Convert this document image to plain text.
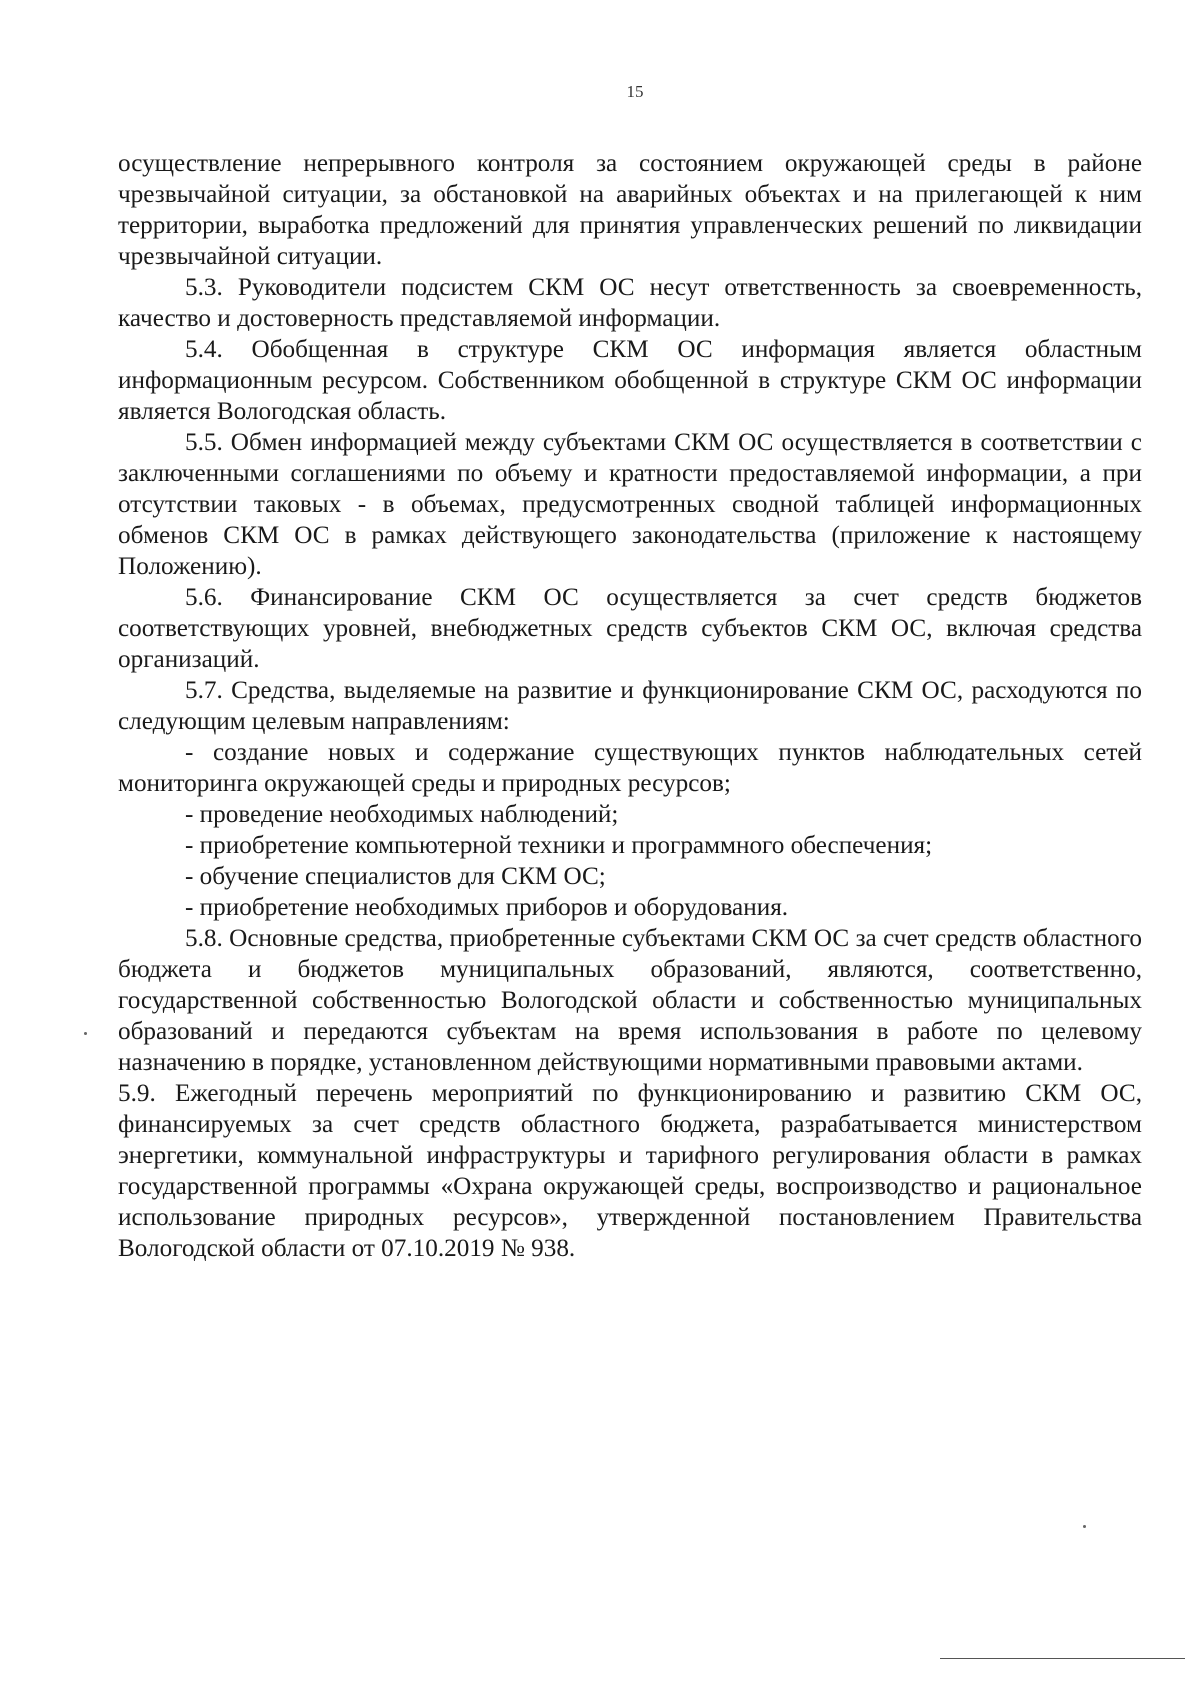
15

осуществление непрерывного контроля за состоянием окружающей среды в районе чрезвычайной ситуации, за обстановкой на аварийных объектах и на прилегающей к ним территории, выработка предложений для принятия управленческих решений по ликвидации чрезвычайной ситуации.

5.3. Руководители подсистем СКМ ОС несут ответственность за своевременность, качество и достоверность представляемой информации.

5.4. Обобщенная в структуре СКМ ОС информация является областным информационным ресурсом. Собственником обобщенной в структуре СКМ ОС информации является Вологодская область.

5.5. Обмен информацией между субъектами СКМ ОС осуществляется в соответствии с заключенными соглашениями по объему и кратности предоставляемой информации, а при отсутствии таковых - в объемах, предусмотренных сводной таблицей информационных обменов СКМ ОС в рамках действующего законодательства (приложение к настоящему Положению).

5.6. Финансирование СКМ ОС осуществляется за счет средств бюджетов соответствующих уровней, внебюджетных средств субъектов СКМ ОС, включая средства организаций.

5.7. Средства, выделяемые на развитие и функционирование СКМ ОС, расходуются по следующим целевым направлениям:

- создание новых и содержание существующих пунктов наблюдательных сетей мониторинга окружающей среды и природных ресурсов;

- проведение необходимых наблюдений;

- приобретение компьютерной техники и программного обеспечения;

- обучение специалистов для СКМ ОС;

- приобретение необходимых приборов и оборудования.

5.8. Основные средства, приобретенные субъектами СКМ ОС за счет средств областного бюджета и бюджетов муниципальных образований, являются, соответственно, государственной собственностью Вологодской области и собственностью муниципальных образований и передаются субъектам на время использования в работе по целевому назначению в порядке, установленном действующими нормативными правовыми актами.

5.9. Ежегодный перечень мероприятий по функционированию и развитию СКМ ОС, финансируемых за счет средств областного бюджета, разрабатывается министерством энергетики, коммунальной инфраструктуры и тарифного регулирования области в рамках государственной программы «Охрана окружающей среды, воспроизводство и рациональное использование природных ресурсов», утвержденной постановлением Правительства Вологодской области от 07.10.2019 № 938.
